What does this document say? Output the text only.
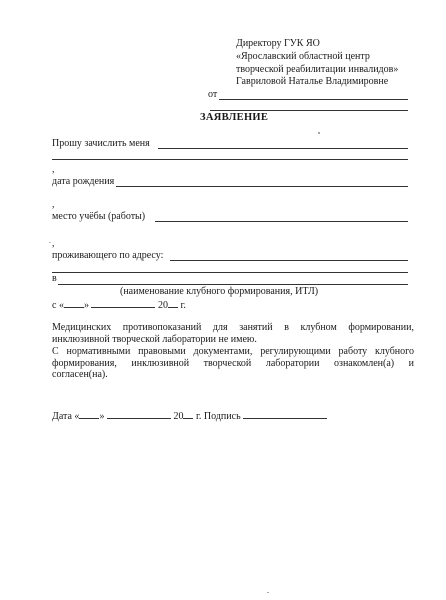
Директору ГУК ЯО
«Ярославский областной центр
творческой реабилитации инвалидов»
Гавриловой Наталье Владимировне
от
ЗАЯВЛЕНИЕ
Прошу зачислить меня
,
дата рождения
,
место учёбы (работы)
,
проживающего по адресу:
в
(наименование клубного формирования, ИТЛ)
с « »	20 г.
Медицинских противопоказаний для занятий в клубном формировании,
инклюзивной творческой лаборатории не имею.
С нормативными правовыми документами, регулирующими работу клубного
формирования, инклюзивной творческой лаборатории ознакомлен(а) и
согласен(на).
Дата « »	20 г. Подпись
.
